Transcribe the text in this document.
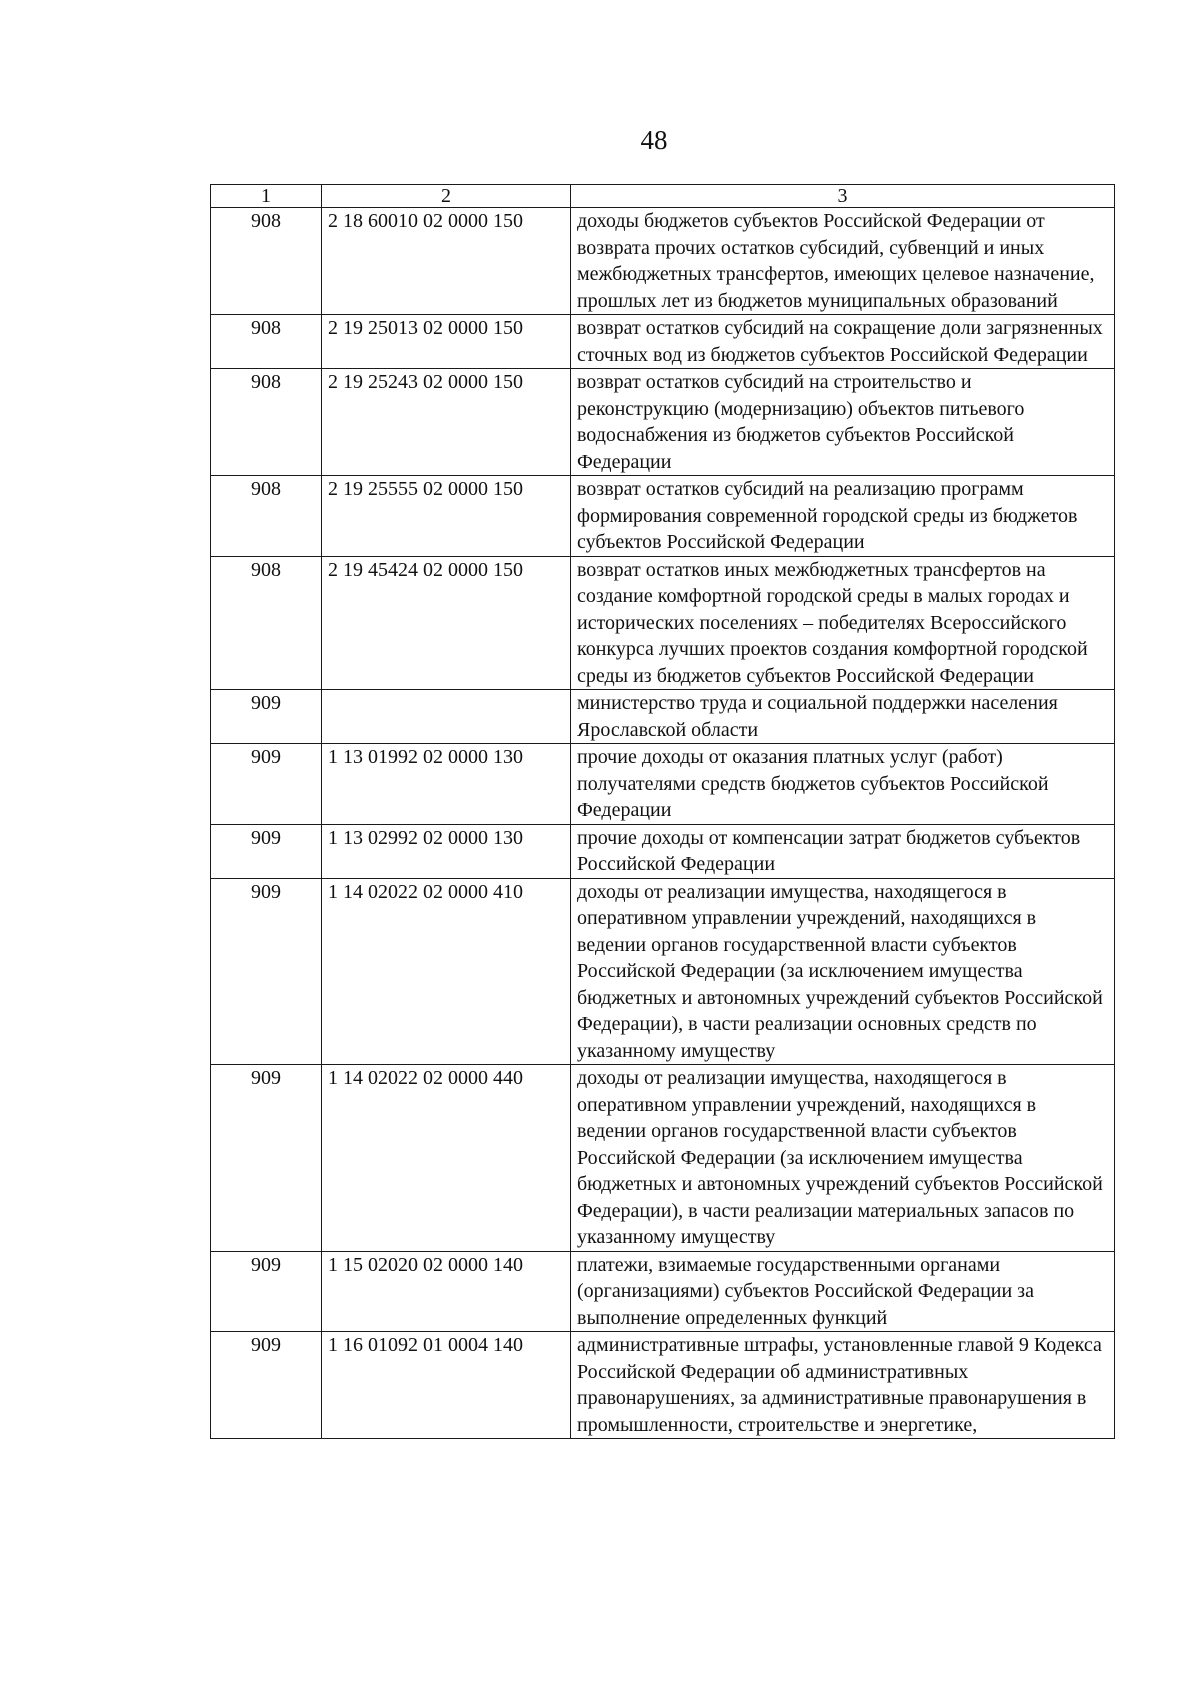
48
1	2	3
908	2 18 60010 02 0000 150	доходы бюджетов субъектов Российской Федерации от возврата прочих остатков субсидий, субвенций и иных межбюджетных трансфертов, имеющих целевое назначение, прошлых лет из бюджетов муниципальных образований
908	2 19 25013 02 0000 150	возврат остатков субсидий на сокращение доли загрязненных сточных вод из бюджетов субъектов Российской Федерации
908	2 19 25243 02 0000 150	возврат остатков субсидий на строительство и реконструкцию (модернизацию) объектов питьевого водоснабжения из бюджетов субъектов Российской Федерации
908	2 19 25555 02 0000 150	возврат остатков субсидий на реализацию программ формирования современной городской среды из бюджетов субъектов Российской Федерации
908	2 19 45424 02 0000 150	возврат остатков иных межбюджетных трансфертов на создание комфортной городской среды в малых городах и исторических поселениях – победителях Всероссийского конкурса лучших проектов создания комфортной городской среды из бюджетов субъектов Российской Федерации
909		министерство труда и социальной поддержки населения Ярославской области
909	1 13 01992 02 0000 130	прочие доходы от оказания платных услуг (работ) получателями средств бюджетов субъектов Российской Федерации
909	1 13 02992 02 0000 130	прочие доходы от компенсации затрат бюджетов субъектов Российской Федерации
909	1 14 02022 02 0000 410	доходы от реализации имущества, находящегося в оперативном управлении учреждений, находящихся в ведении органов государственной власти субъектов Российской Федерации (за исключением имущества бюджетных и автономных учреждений субъектов Российской Федерации), в части реализации основных средств по указанному имуществу
909	1 14 02022 02 0000 440	доходы от реализации имущества, находящегося в оперативном управлении учреждений, находящихся в ведении органов государственной власти субъектов Российской Федерации (за исключением имущества бюджетных и автономных учреждений субъектов Российской Федерации), в части реализации материальных запасов по указанному имуществу
909	1 15 02020 02 0000 140	платежи, взимаемые государственными органами (организациями) субъектов Российской Федерации за выполнение определенных функций
909	1 16 01092 01 0004 140	административные штрафы, установленные главой 9 Кодекса Российской Федерации об административных правонарушениях, за административные правонарушения в промышленности, строительстве и энергетике,
